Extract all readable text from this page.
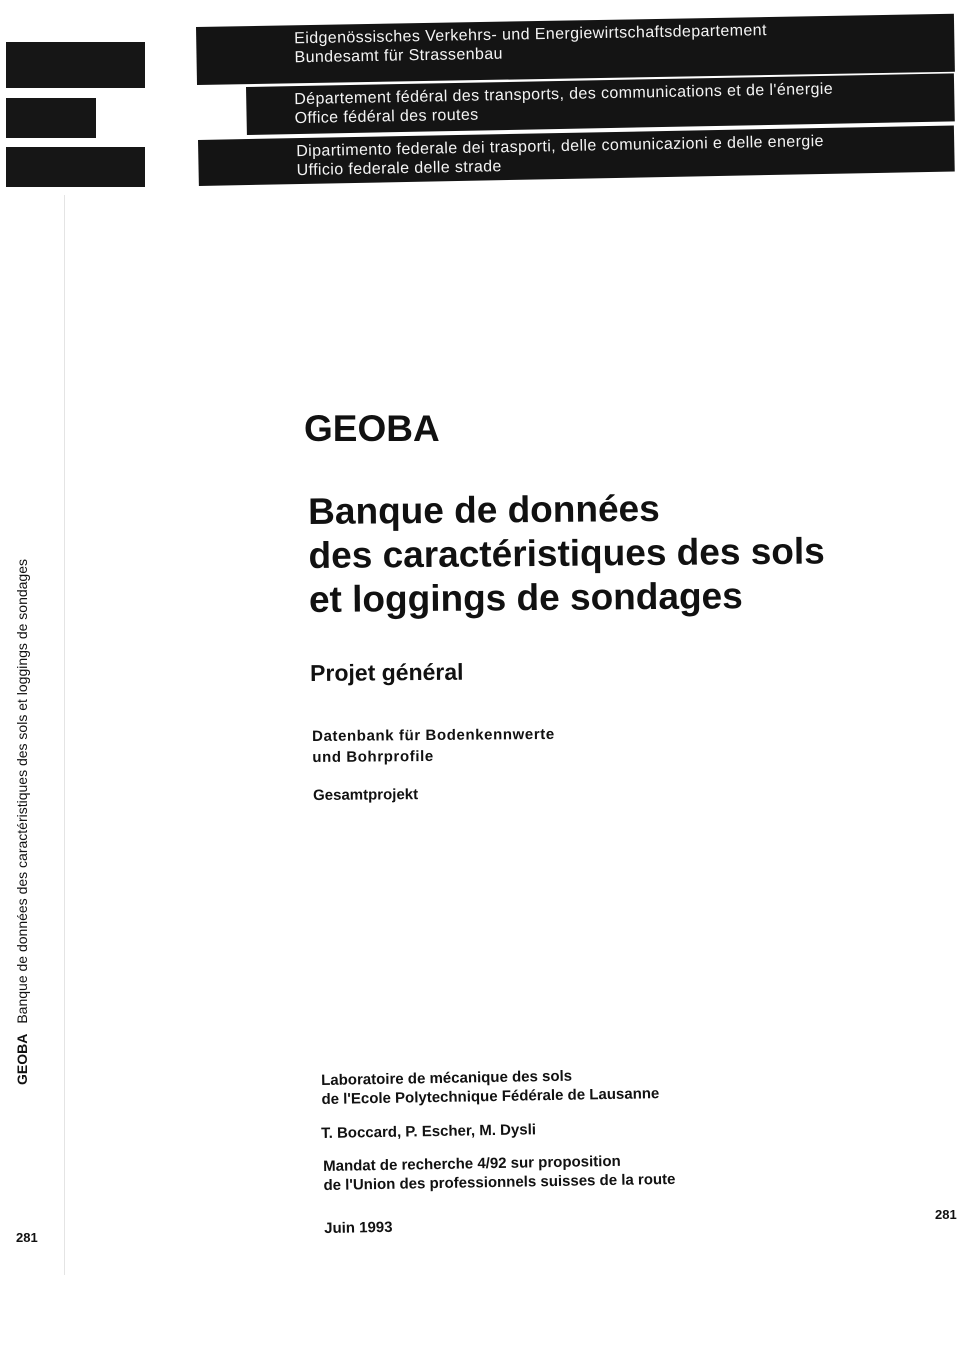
Eidgenössisches Verkehrs- und Energiewirtschaftsdepartement
Bundesamt für Strassenbau
Département fédéral des transports, des communications et de l'énergie
Office fédéral des routes
Dipartimento federale dei trasporti, delle comunicazioni e delle energie
Ufficio federale delle strade
GEOBABanque de données des caractéristiques des sols et loggings de sondages
281
281
GEOBA
Banque de données
des caractéristiques des sols
et loggings de sondages
Projet général
Datenbank für Bodenkennwerte
und Bohrprofile
Gesamtprojekt
Laboratoire de mécanique des sols
de l'Ecole Polytechnique Fédérale de Lausanne
T. Boccard, P. Escher, M. Dysli
Mandat de recherche 4/92 sur proposition
de l'Union des professionnels suisses de la route
Juin 1993
